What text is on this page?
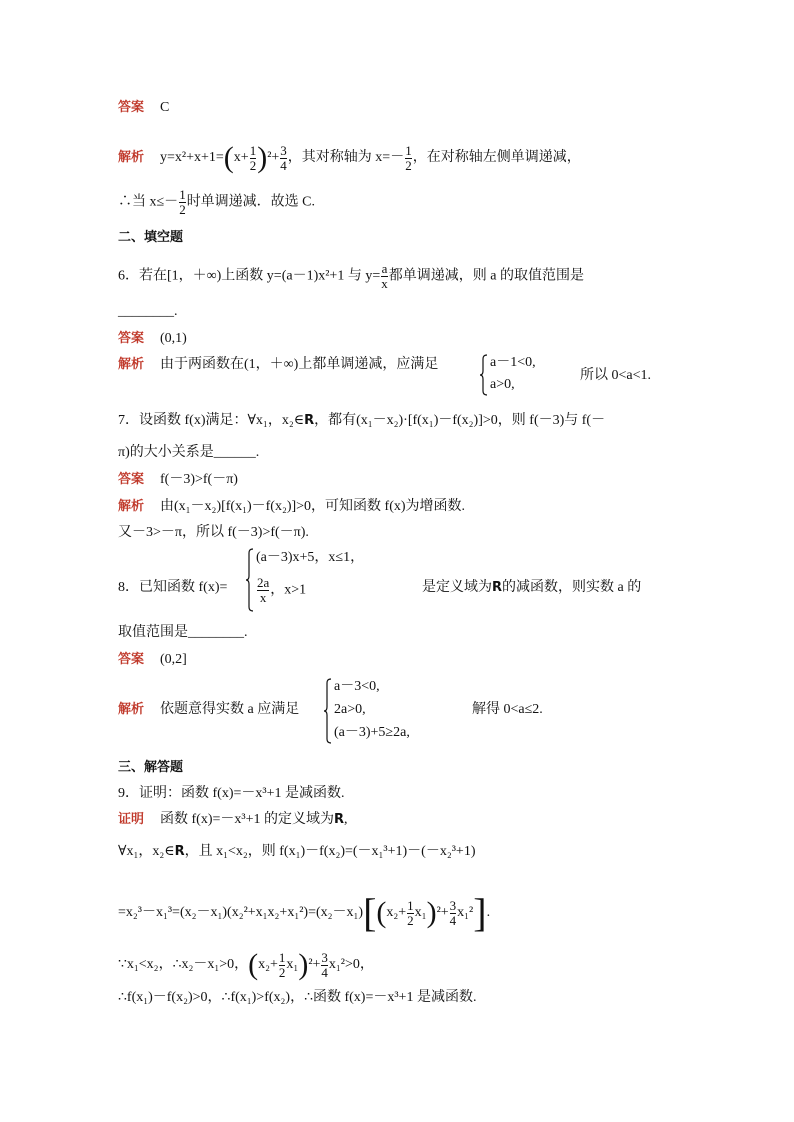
答案 C
解析 $y=x^2+x+1=(x+ \frac{1}{2} )^2+ \frac{3}{4}$ ，其对称轴为 $x=- \frac{1}{2}$ ，在对称轴左侧单调递减，
∴当 $x\le- \frac{1}{2}$ 时单调递减．故选 C.
二、填空题
6．若在[1，＋∞)上函数 y=(a－1)x²+1 与 $y= \frac{a}{x}$ 都单调递减，则 a 的取值范围是
________.
答案 (0,1)
解析 由于两函数在(1，＋∞)上都单调递减，应满足	a－1<0,
a>0,
所以 0<a<1.
7．设函数 f(x)满足：∀x₁，x₂∈R，都有(x₁－x₂)·[f(x₁)－f(x₂)]>0，则 f(－3)与 f(－
π)的大小关系是______.
答案 f(－3)>f(－π)
解析 由(x₁－x₂)[f(x₁)－f(x₂)]>0，可知函数 f(x)为增函数.
又－3>－π，所以 f(－3)>f(－π).
8．已知函数 f(x)=
(a－3)x+5，x≤1，
$\frac{2a}{x}$ ，x>1	是定义域为R的减函数，则实数 a 的
取值范围是________.
答案 (0,2]
解析 依题意得实数 a 应满足
a－3<0,
2a>0,
(a－3)+5≥2a,
解得 0<a≤2.
三、解答题
9．证明：函数 f(x)=－x³+1 是减函数.
证明 函数 f(x)=－x³+1 的定义域为R,
∀x₁，x₂∈R，且 x₁<x₂，则 f(x₁)－f(x₂)=(－x₁³+1)－(－x₂³+1)
$=x_2^3-x_1^3=(x_2-x_1)(x_2^2+x_1x_2+x_1^2)=(x_2-x_1)[(x_2+ \frac{1}{2} x_1)^2+ \frac{3}{4} x_1^2]$.
∵x₁<x₂，∴x₂－x₁>0，$(x_2+ \frac{1}{2} x_1)^2+ \frac{3}{4} x_1^2>0$，
∴f(x₁)－f(x₂)>0，∴f(x₁)>f(x₂)，∴函数 f(x)=－x³+1 是减函数.
